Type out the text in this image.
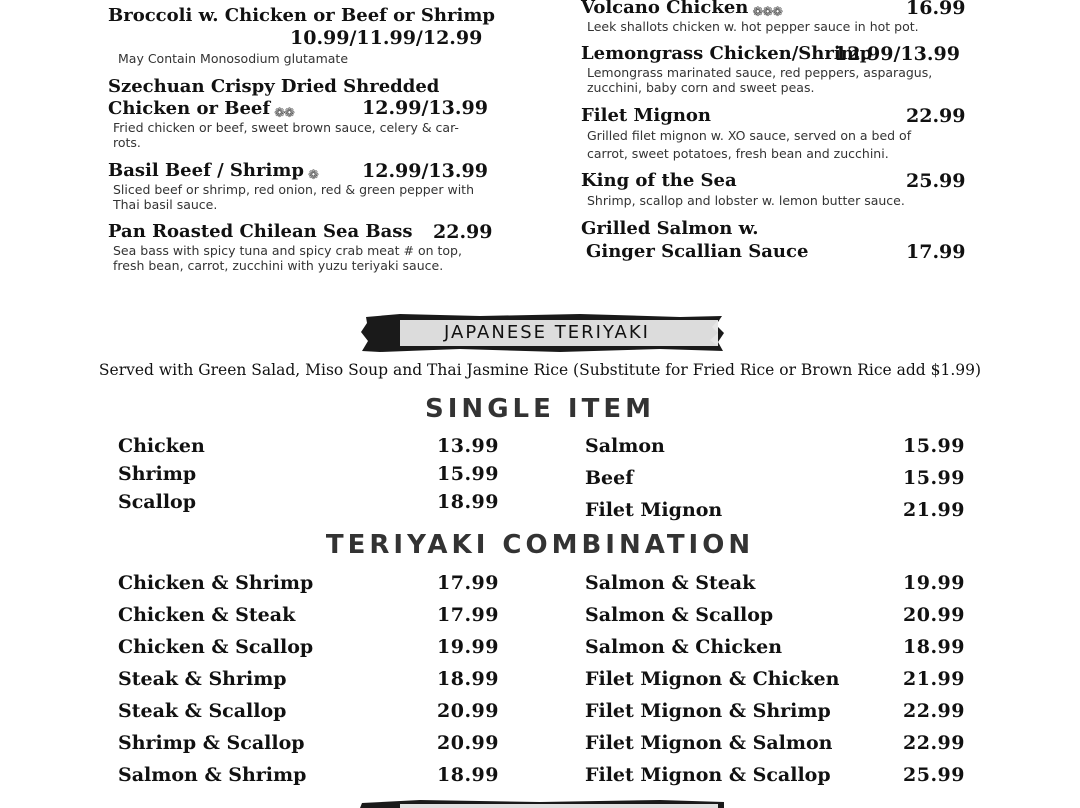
Broccoli w. Chicken or Beef or Shrimp
10.99/11.99/12.99
May Contain Monosodium glutamate
Szechuan Crispy Dried Shredded
Chicken or Beef ❁❁	12.99/13.99
Fried chicken or beef, sweet brown sauce, celery & car-
rots.
Basil Beef / Shrimp ❁ 12.99/13.99
Sliced beef or shrimp, red onion, red & green pepper with
Thai basil sauce.
Pan Roasted Chilean Sea Bass 22.99
Sea bass with spicy tuna and spicy crab meat # on top,
fresh bean, carrot, zucchini with yuzu teriyaki sauce.
Volcano Chicken ❁❁❁	16.99
Leek shallots chicken w. hot pepper sauce in hot pot.
Lemongrass Chicken/Shrimp
12.99/13.99
Lemongrass marinated sauce, red peppers, asparagus,
zucchini, baby corn and sweet peas.
Filet Mignon	22.99
Grilled filet mignon w. XO sauce, served on a bed of
carrot, sweet potatoes, fresh bean and zucchini.
King of the Sea	25.99
Shrimp, scallop and lobster w. lemon butter sauce.
Grilled Salmon w.
Ginger Scallian Sauce	17.99
JAPANESE TERIYAKI
Served with Green Salad, Miso Soup and Thai Jasmine Rice (Substitute for Fried Rice or Brown Rice add $1.99)
SINGLE ITEM
Chicken	13.99
Shrimp	15.99
Scallop	18.99
Salmon	15.99
Beef	15.99
Filet Mignon	21.99
TERIYAKI COMBINATION
Chicken & Shrimp	17.99
Chicken & Steak	17.99
Chicken & Scallop	19.99
Steak & Shrimp	18.99
Steak & Scallop	20.99
Shrimp & Scallop	20.99
Salmon & Shrimp	18.99
Salmon & Steak	19.99
Salmon & Scallop	20.99
Salmon & Chicken	18.99
Filet Mignon & Chicken	21.99
Filet Mignon & Shrimp	22.99
Filet Mignon & Salmon	22.99
Filet Mignon & Scallop	25.99
